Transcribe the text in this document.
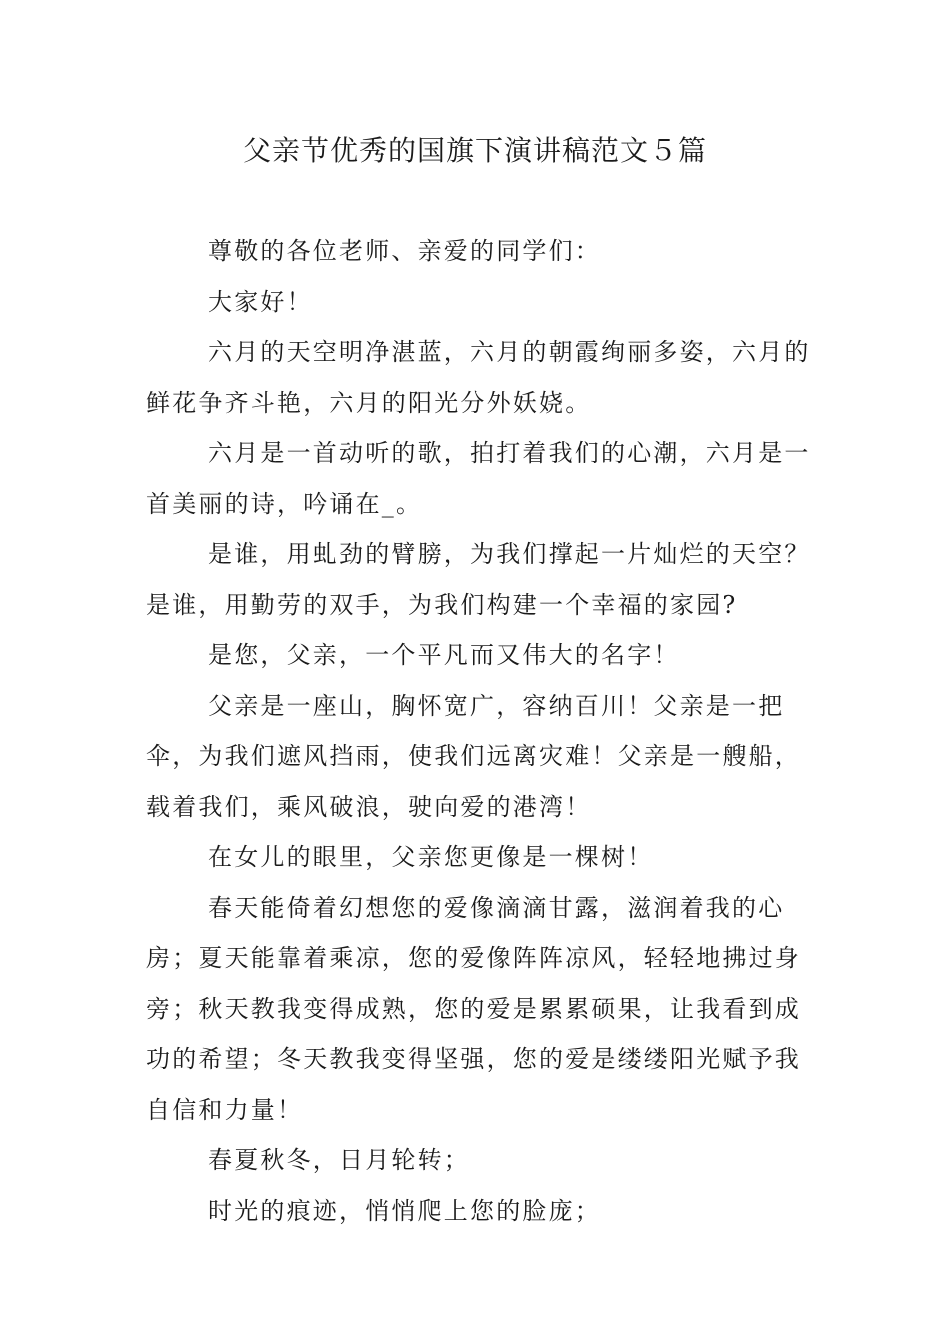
父亲节优秀的国旗下演讲稿范文５篇

尊敬的各位老师、亲爱的同学们：

大家好！

六月的天空明净湛蓝，六月的朝霞绚丽多姿，六月的鲜花争齐斗艳，六月的阳光分外妖娆。

六月是一首动听的歌，拍打着我们的心潮，六月是一首美丽的诗，吟诵在_。

是谁，用虬劲的臂膀，为我们撑起一片灿烂的天空？是谁，用勤劳的双手，为我们构建一个幸福的家园?

是您，父亲，一个平凡而又伟大的名字！

父亲是一座山，胸怀宽广，容纳百川！父亲是一把伞，为我们遮风挡雨，使我们远离灾难！父亲是一艘船，载着我们，乘风破浪，驶向爱的港湾！

在女儿的眼里，父亲您更像是一棵树！

春天能倚着幻想您的爱像滴滴甘露，滋润着我的心房；夏天能靠着乘凉，您的爱像阵阵凉风，轻轻地拂过身旁；秋天教我变得成熟，您的爱是累累硕果，让我看到成功的希望；冬天教我变得坚强，您的爱是缕缕阳光赋予我自信和力量！

春夏秋冬，日月轮转；

时光的痕迹，悄悄爬上您的脸庞；
